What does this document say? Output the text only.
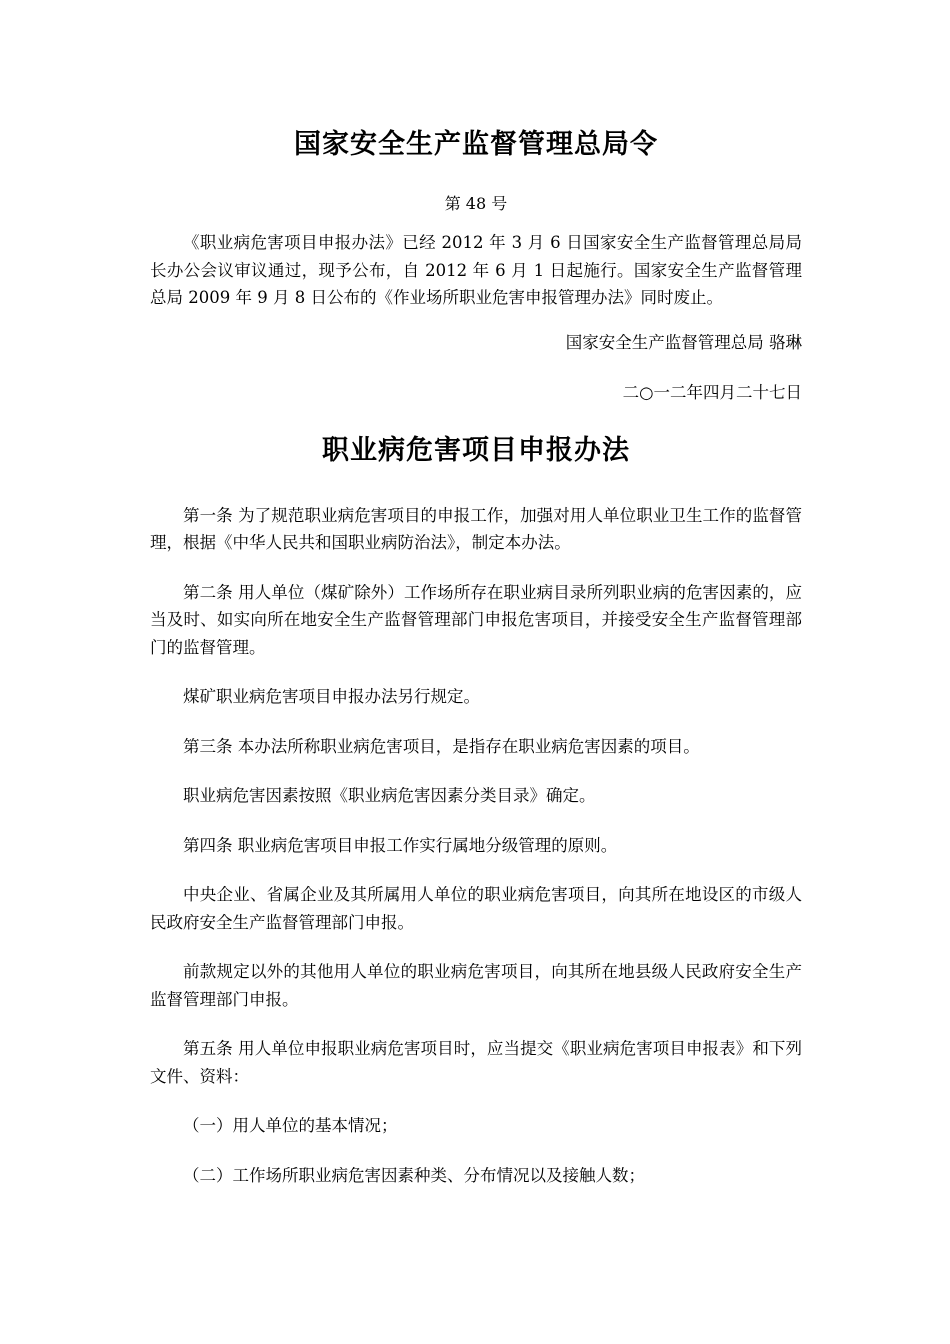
国家安全生产监督管理总局令

第 48 号

《职业病危害项目申报办法》已经 2012 年 3 月 6 日国家安全生产监督管理总局局长办公会议审议通过，现予公布，自 2012 年 6 月 1 日起施行。国家安全生产监督管理总局 2009 年 9 月 8 日公布的《作业场所职业危害申报管理办法》同时废止。

国家安全生产监督管理总局 骆琳

二○一二年四月二十七日

职业病危害项目申报办法

第一条 为了规范职业病危害项目的申报工作，加强对用人单位职业卫生工作的监督管理，根据《中华人民共和国职业病防治法》，制定本办法。

第二条 用人单位（煤矿除外）工作场所存在职业病目录所列职业病的危害因素的，应当及时、如实向所在地安全生产监督管理部门申报危害项目，并接受安全生产监督管理部门的监督管理。

煤矿职业病危害项目申报办法另行规定。

第三条 本办法所称职业病危害项目，是指存在职业病危害因素的项目。

职业病危害因素按照《职业病危害因素分类目录》确定。

第四条 职业病危害项目申报工作实行属地分级管理的原则。

中央企业、省属企业及其所属用人单位的职业病危害项目，向其所在地设区的市级人民政府安全生产监督管理部门申报。

前款规定以外的其他用人单位的职业病危害项目，向其所在地县级人民政府安全生产监督管理部门申报。

第五条 用人单位申报职业病危害项目时，应当提交《职业病危害项目申报表》和下列文件、资料：

（一）用人单位的基本情况；

（二）工作场所职业病危害因素种类、分布情况以及接触人数；
